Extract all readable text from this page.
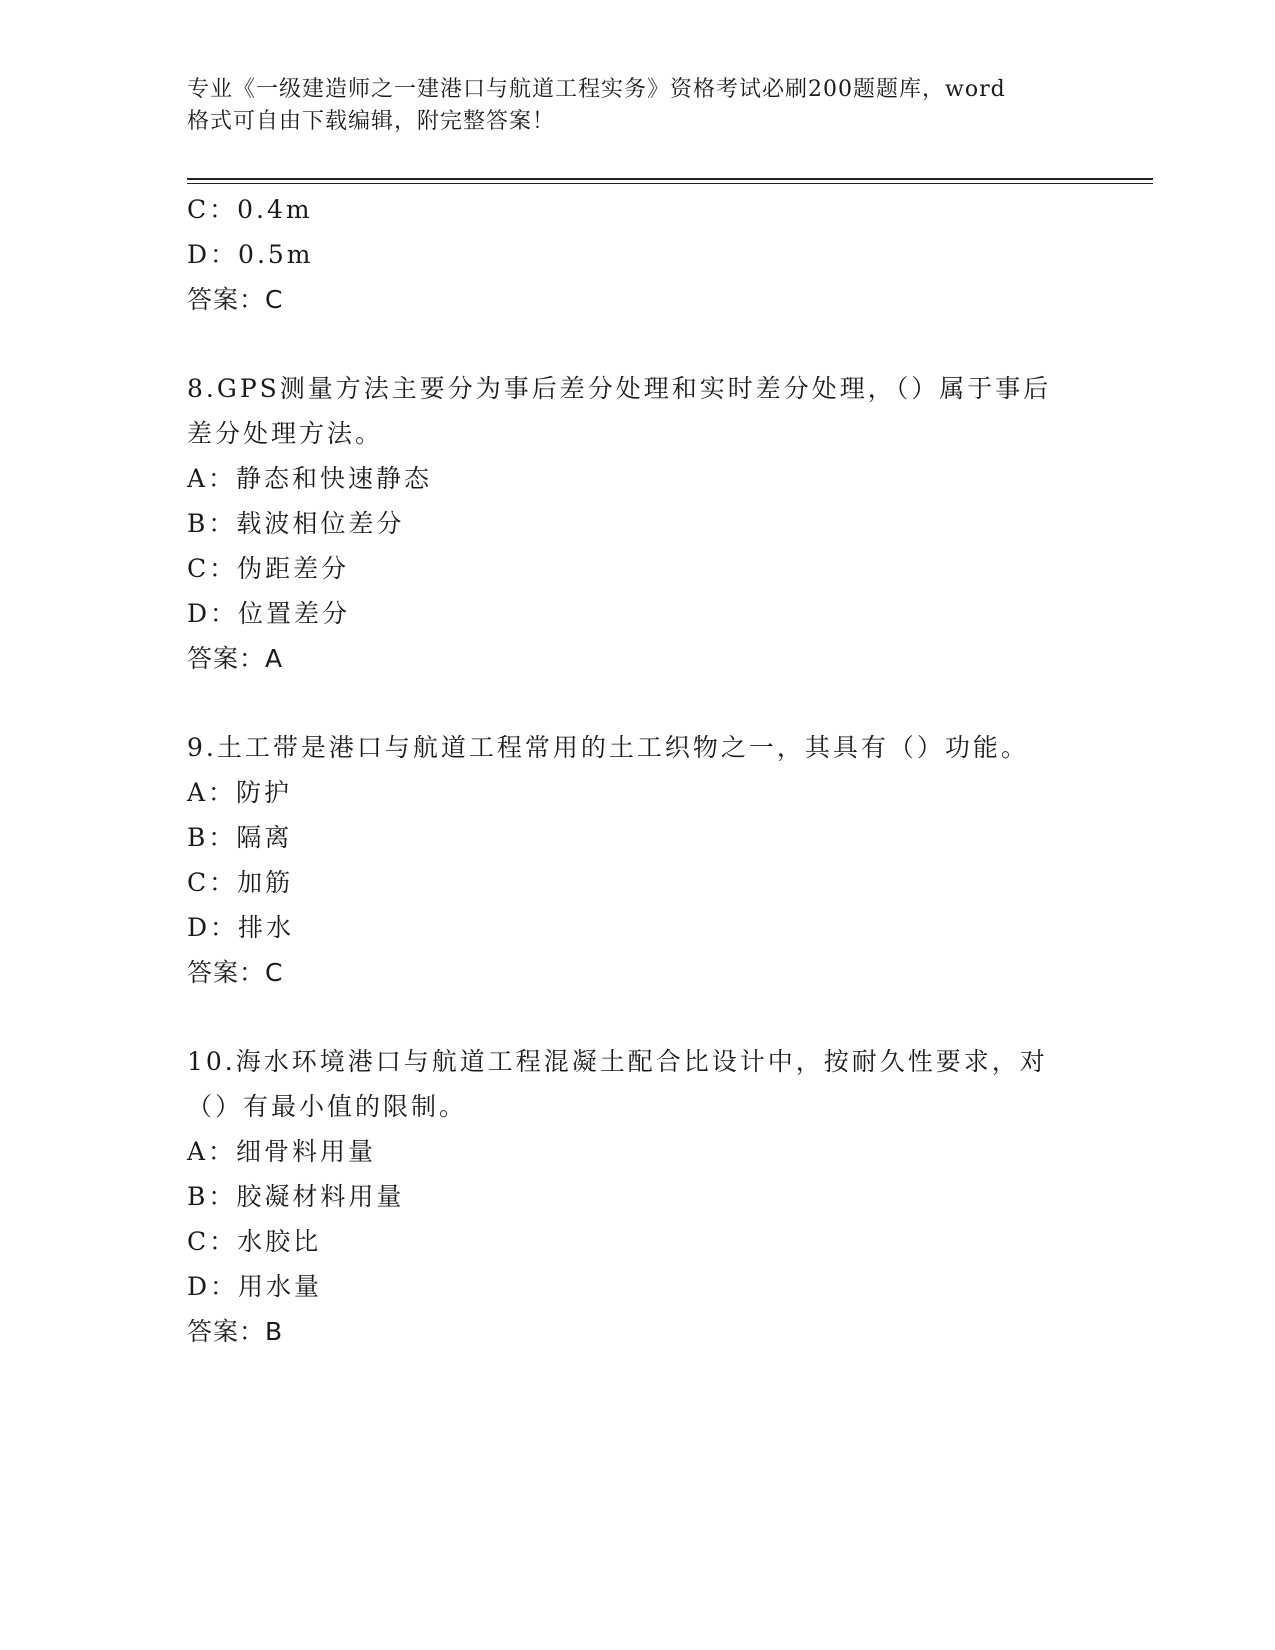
专业《一级建造师之一建港口与航道工程实务》资格考试必刷200题题库，word
格式可自由下载编辑，附完整答案！
C：0.4m
D：0.5m
答案：C
8.GPS测量方法主要分为事后差分处理和实时差分处理，（）属于事后
差分处理方法。
A：静态和快速静态
B：载波相位差分
C：伪距差分
D：位置差分
答案：A
9.土工带是港口与航道工程常用的土工织物之一，其具有（）功能。
A：防护
B：隔离
C：加筋
D：排水
答案：C
10.海水环境港口与航道工程混凝土配合比设计中，按耐久性要求，对
（）有最小值的限制。
A：细骨料用量
B：胶凝材料用量
C：水胶比
D：用水量
答案：B
